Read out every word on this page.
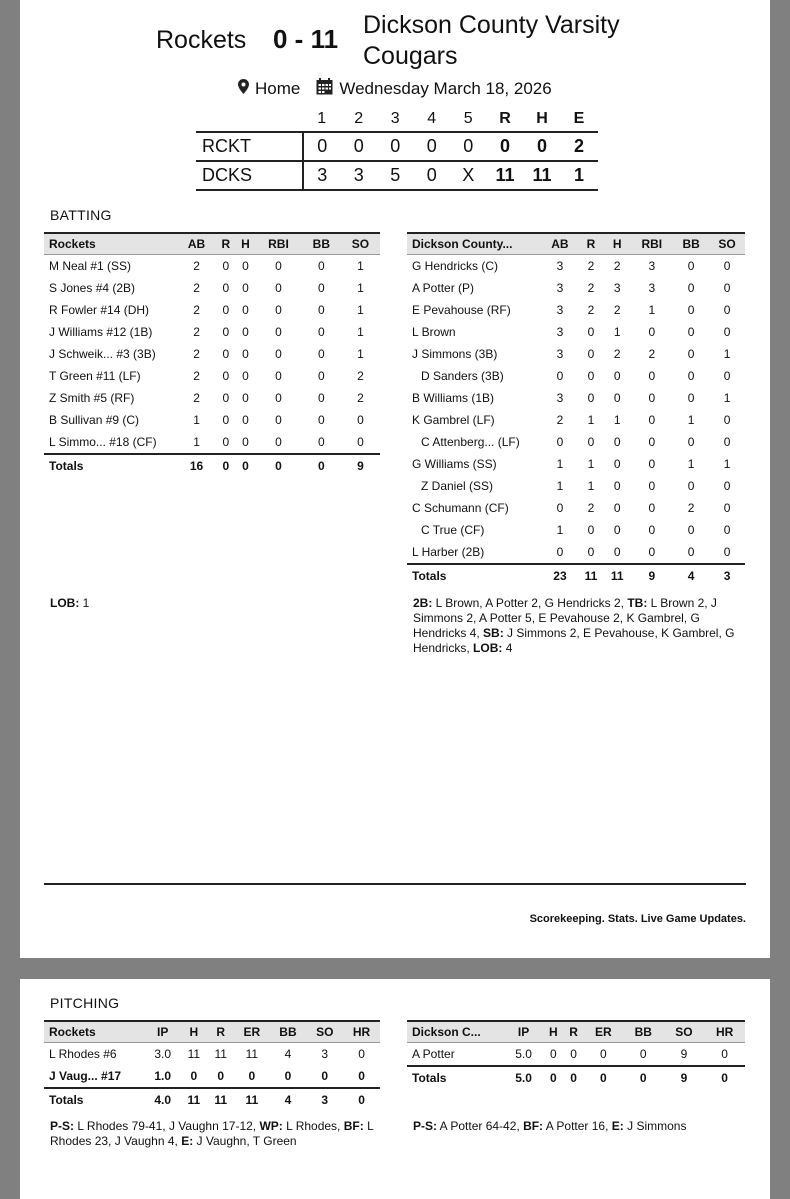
Rockets 0 - 11 Dickson County Varsity Cougars
Home Wednesday March 18, 2026
	1	2	3	4	5	R	H	E
RCKT	0	0	0	0	0	0	0	2
DCKS	3	3	5	0	X	11	11	1
BATTING
Rockets	AB	R	H	RBI	BB	SO
M Neal #1 (SS)	2	0	0	0	0	1
S Jones #4 (2B)	2	0	0	0	0	1
R Fowler #14 (DH)	2	0	0	0	0	1
J Williams #12 (1B)	2	0	0	0	0	1
J Schweik... #3 (3B)	2	0	0	0	0	1
T Green #11 (LF)	2	0	0	0	0	2
Z Smith #5 (RF)	2	0	0	0	0	2
B Sullivan #9 (C)	1	0	0	0	0	0
L Simmo... #18 (CF)	1	0	0	0	0	0
Totals	16	0	0	0	0	9
LOB: 1
Dickson County...	AB	R	H	RBI	BB	SO
G Hendricks (C)	3	2	2	3	0	0
A Potter (P)	3	2	3	3	0	0
E Pevahouse (RF)	3	2	2	1	0	0
L Brown	3	0	1	0	0	0
J Simmons (3B)	3	0	2	2	0	1
D Sanders (3B)	0	0	0	0	0	0
B Williams (1B)	3	0	0	0	0	1
K Gambrel (LF)	2	1	1	0	1	0
C Attenberg... (LF)	0	0	0	0	0	0
G Williams (SS)	1	1	0	0	1	1
Z Daniel (SS)	1	1	0	0	0	0
C Schumann (CF)	0	2	0	0	2	0
C True (CF)	1	0	0	0	0	0
L Harber (2B)	0	0	0	0	0	0
Totals	23	11	11	9	4	3
2B: L Brown, A Potter 2, G Hendricks 2, TB: L Brown 2, J Simmons 2, A Potter 5, E Pevahouse 2, K Gambrel, G Hendricks 4, SB: J Simmons 2, E Pevahouse, K Gambrel, G Hendricks, LOB: 4
Scorekeeping. Stats. Live Game Updates.
PITCHING
Rockets	IP	H	R	ER	BB	SO	HR
L Rhodes #6	3.0	11	11	11	4	3	0
J Vaug... #17	1.0	0	0	0	0	0	0
Totals	4.0	11	11	11	4	3	0
P-S: L Rhodes 79-41, J Vaughn 17-12, WP: L Rhodes, BF: L Rhodes 23, J Vaughn 4, E: J Vaughn, T Green
Dickson C...	IP	H	R	ER	BB	SO	HR
A Potter	5.0	0	0	0	0	9	0
Totals	5.0	0	0	0	0	9	0
P-S: A Potter 64-42, BF: A Potter 16, E: J Simmons
